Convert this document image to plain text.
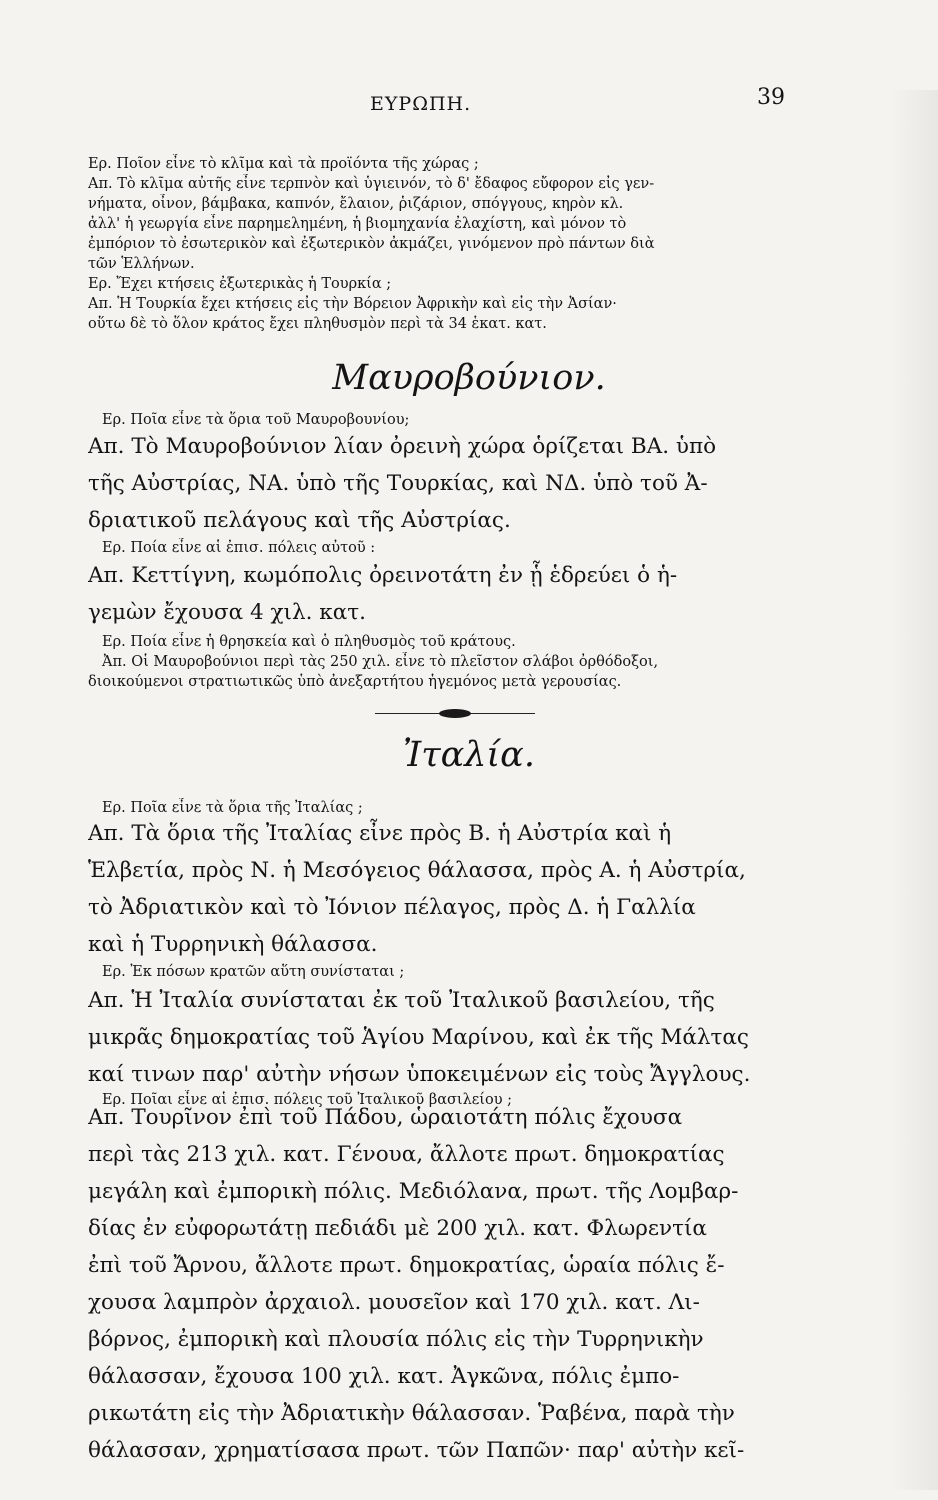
ΕΥΡΩΠΗ.	39
Ερ. Ποῖον εἶνε τὸ κλῖμα καὶ τὰ προϊόντα τῆς χώρας ;
Απ. Τὸ κλῖμα αὐτῆς εἶνε τερπνὸν καὶ ὑγιεινόν, τὸ δ' ἔδαφος εὔφορον εἰς γεν-
νήματα, οἶνον, βάμβακα, καπνόν, ἔλαιον, ῥιζάριον, σπόγγους, κηρὸν κλ.
ἀλλ' ἡ γεωργία εἶνε παρημελημένη, ἡ βιομηχανία ἐλαχίστη, καὶ μόνον τὸ
ἐμπόριον τὸ ἐσωτερικὸν καὶ ἐξωτερικὸν ἀκμάζει, γινόμενον πρὸ πάντων διὰ
τῶν Ἑλλήνων.
Ερ. Ἔχει κτήσεις ἐξωτερικὰς ἡ Τουρκία ;
Απ. Ἡ Τουρκία ἔχει κτήσεις εἰς τὴν Βόρειον Ἀφρικὴν καὶ εἰς τὴν Ἀσίαν·
οὕτω δὲ τὸ ὅλον κράτος ἔχει πληθυσμὸν περὶ τὰ 34 ἑκατ. κατ.
Μαυροβούνιον.
Ερ. Ποῖα εἶνε τὰ ὅρια τοῦ Μαυροβουνίου;
Απ. Τὸ Μαυροβούνιον λίαν ὀρεινὴ χώρα ὁρίζεται ΒΑ. ὑπὸ
τῆς Αὐστρίας, ΝΑ. ὑπὸ τῆς Τουρκίας, καὶ ΝΔ. ὑπὸ τοῦ Ἀ-
δριατικοῦ πελάγους καὶ τῆς Αὐστρίας.
Ερ. Ποία εἶνε αἱ ἐπισ. πόλεις αὐτοῦ :
Απ. Κεττίγνη, κωμόπολις ὀρεινοτάτη ἐν ᾗ ἑδρεύει ὁ ἡ-
γεμὼν ἔχουσα 4 χιλ. κατ.
Ερ. Ποία εἶνε ἡ θρησκεία καὶ ὁ πληθυσμὸς τοῦ κράτους.
Ἀπ. Οἱ Μαυροβούνιοι περὶ τὰς 250 χιλ. εἶνε τὸ πλεῖστον σλάβοι ὀρθόδοξοι,
διοικούμενοι στρατιωτικῶς ὑπὸ ἀνεξαρτήτου ἡγεμόνος μετὰ γερουσίας.
Ἰταλία.
Ερ. Ποῖα εἶνε τὰ ὅρια τῆς Ἰταλίας ;
Απ. Τὰ ὅρια τῆς Ἰταλίας εἶνε πρὸς Β. ἡ Αὐστρία καὶ ἡ
Ἑλβετία, πρὸς Ν. ἡ Μεσόγειος θάλασσα, πρὸς Α. ἡ Αὐστρία,
τὸ Ἀδριατικὸν καὶ τὸ Ἰόνιον πέλαγος, πρὸς Δ. ἡ Γαλλία
καὶ ἡ Τυρρηνικὴ θάλασσα.
Ερ. Ἐκ πόσων κρατῶν αὕτη συνίσταται ;
Απ. Ἡ Ἰταλία συνίσταται ἐκ τοῦ Ἰταλικοῦ βασιλείου, τῆς
μικρᾶς δημοκρατίας τοῦ Ἁγίου Μαρίνου, καὶ ἐκ τῆς Μάλτας
καί τινων παρ' αὐτὴν νήσων ὑποκειμένων εἰς τοὺς Ἄγγλους.
Ερ. Ποῖαι εἶνε αἱ ἐπισ. πόλεις τοῦ Ἰταλικοῦ βασιλείου ;
Απ. Τουρῖνον ἐπὶ τοῦ Πάδου, ὡραιοτάτη πόλις ἔχουσα
περὶ τὰς 213 χιλ. κατ. Γένουα, ἄλλοτε πρωτ. δημοκρατίας
μεγάλη καὶ ἐμπορικὴ πόλις. Μεδιόλανα, πρωτ. τῆς Λομβαρ-
δίας ἐν εὐφορωτάτῃ πεδιάδι μὲ 200 χιλ. κατ. Φλωρεντία
ἐπὶ τοῦ Ἄρνου, ἄλλοτε πρωτ. δημοκρατίας, ὡραία πόλις ἔ-
χουσα λαμπρὸν ἀρχαιολ. μουσεῖον καὶ 170 χιλ. κατ. Λι-
βόρνος, ἐμπορικὴ καὶ πλουσία πόλις εἰς τὴν Τυρρηνικὴν
θάλασσαν, ἔχουσα 100 χιλ. κατ. Ἀγκῶνα, πόλις ἐμπο-
ρικωτάτη εἰς τὴν Ἀδριατικὴν θάλασσαν. Ῥαβένα, παρὰ τὴν
θάλασσαν, χρηματίσασα πρωτ. τῶν Παπῶν· παρ' αὐτὴν κεῖ-
